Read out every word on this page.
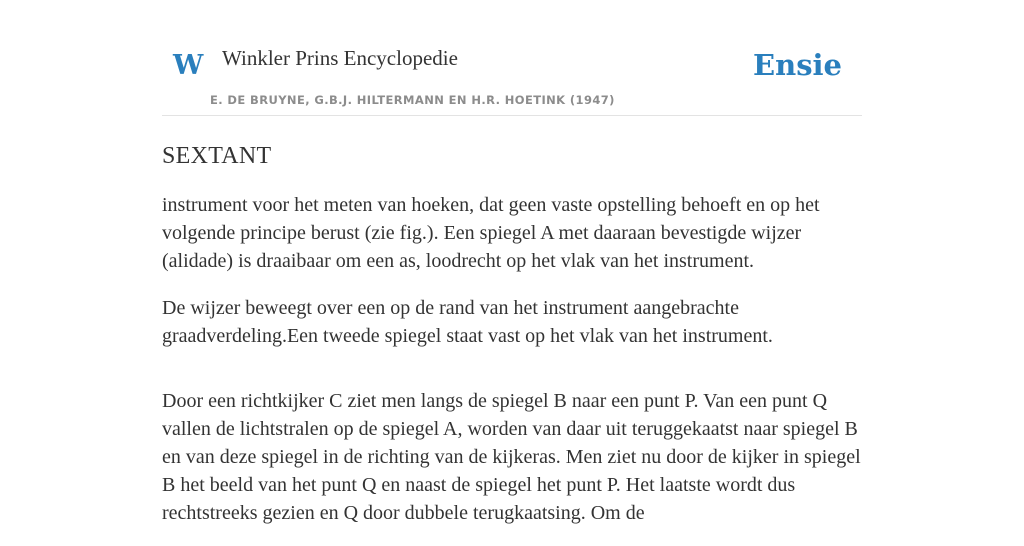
W Winkler Prins Encyclopedie
E. DE BRUYNE, G.B.J. HILTERMANN EN H.R. HOETINK (1947)
Ensie
SEXTANT

instrument voor het meten van hoeken, dat geen vaste opstelling behoeft en op het volgende principe berust (zie fig.). Een spiegel A met daaraan bevestigde wijzer (alidade) is draaibaar om een as, loodrecht op het vlak van het instrument.

De wijzer beweegt over een op de rand van het instrument aangebrachte graadverdeling.Een tweede spiegel staat vast op het vlak van het instrument.

Door een richtkijker C ziet men langs de spiegel B naar een punt P. Van een punt Q vallen de lichtstralen op de spiegel A, worden van daar uit teruggekaatst naar spiegel B en van deze spiegel in de richting van de kijkeras. Men ziet nu door de kijker in spiegel B het beeld van het punt Q en naast de spiegel het punt P. Het laatste wordt dus rechtstreeks gezien en Q door dubbele terugkaatsing. Om de
